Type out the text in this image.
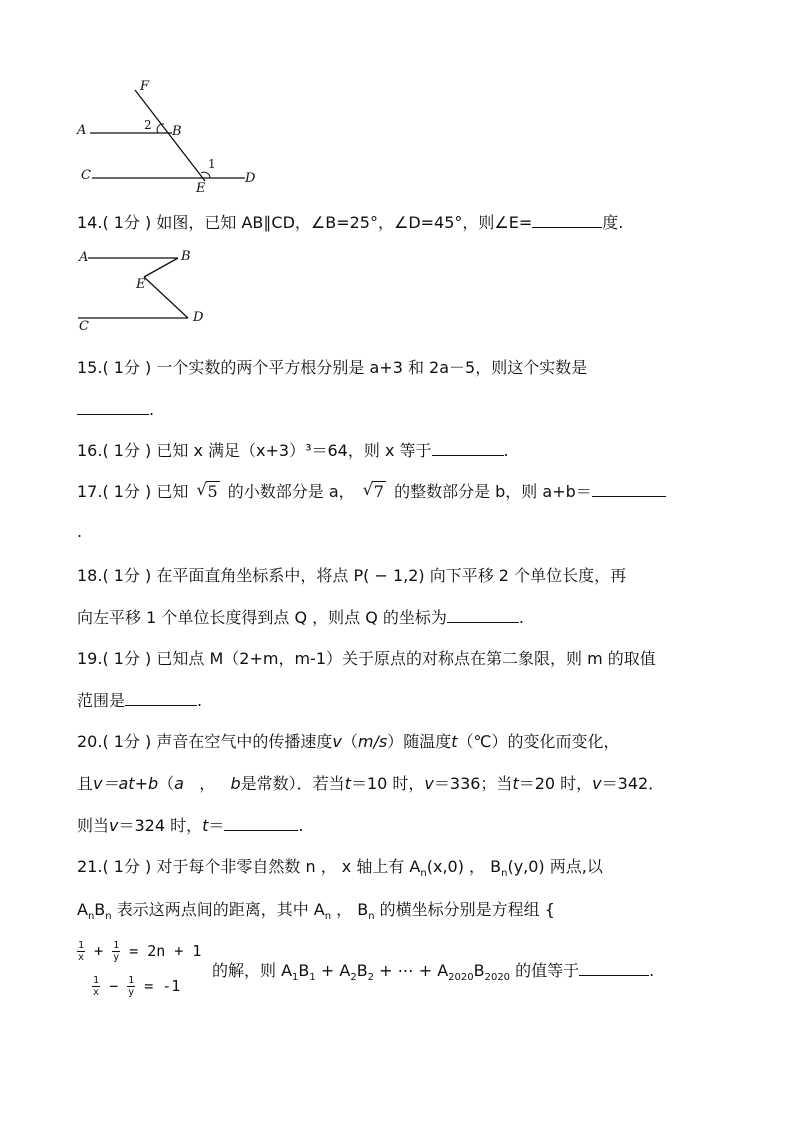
F
A	2 B
1
C
E
D
14.( 1分 ) 如图，已知 AB∥CD，∠B=25°，∠D=45°，则∠E=	度.
A	B
E
C
D
15.( 1分 ) 一个实数的两个平方根分别是 a+3 和 2a－5，则这个实数是
.
16.( 1分 ) 已知 x 满足（x+3）³＝64，则 x 等于	.
17.( 1分 ) 已知 √ 5 的小数部分是 a， √ 7 的整数部分是 b，则 a+b＝
.
18.( 1分 ) 在平面直角坐标系中，将点 P( − 1,2) 向下平移 2 个单位长度，再
向左平移 1 个单位长度得到点 Q ，则点 Q 的坐标为	.
19.( 1分 ) 已知点 M（2+m，m-1）关于原点的对称点在第二象限，则 m 的取值
范围是	.
20.( 1分 ) 声音在空气中的传播速度v（m/s）随温度t（℃）的变化而变化，
且v＝at+b（a ， b是常数）．若当t＝10 时，v＝336；当t＝20 时，v＝342．
则当v＝324 时，t＝	.
21.( 1分 ) 对于每个非零自然数 n ， x 轴上有 $A_n(x,0)$ ， $B_n(y,0)$ 两点,以
$A_nB_n$ 表示这两点间的距离，其中 $A_n$ ， $B_n$ 的横坐标分别是方程组 {
$\frac{1}{x} + \frac{1}{y} = 2n + 1$
$\frac{1}{x} - \frac{1}{y} = -1$
的解，则 $A_1B_1 + A_2B_2$ + ⋯ + $A_{2020}B_{2020}$ 的值等于	.
